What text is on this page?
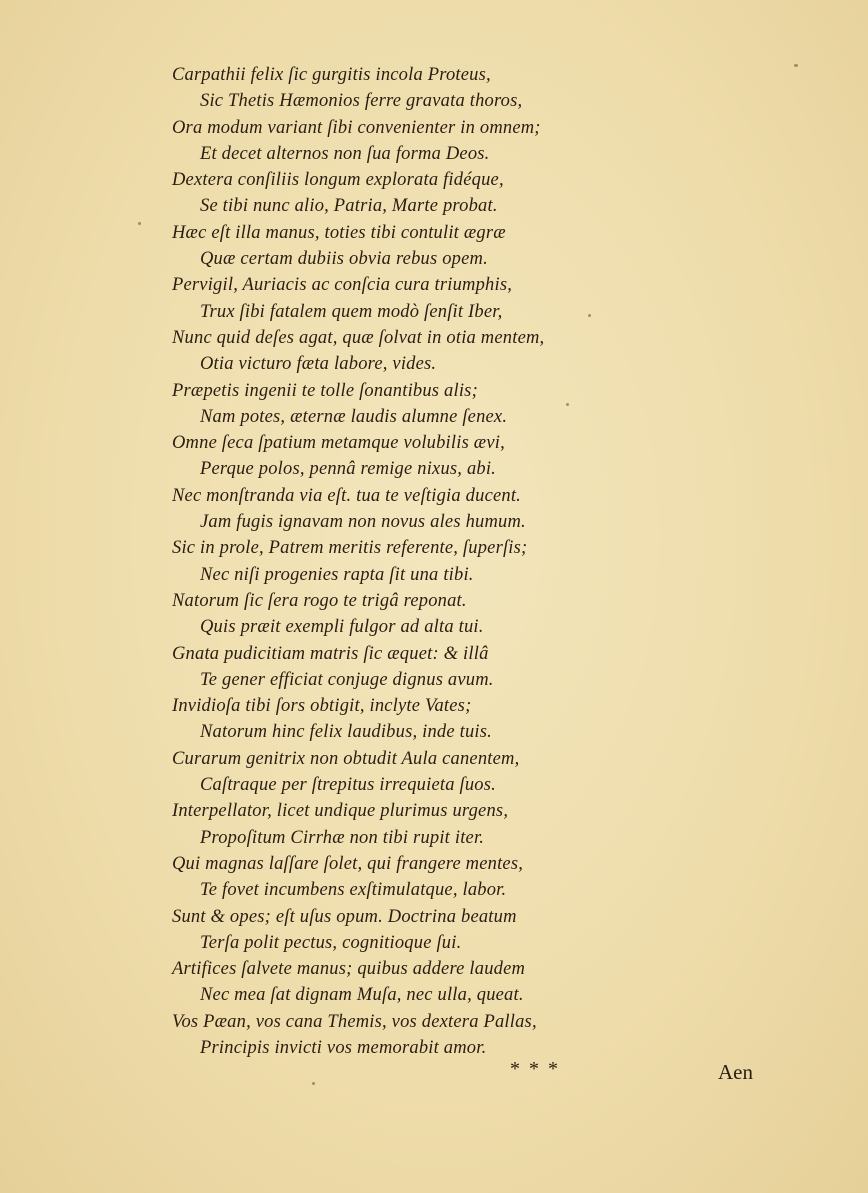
Carpathii felix ſic gurgitis incola Proteus,
Sic Thetis Hæmonios ferre gravata thoros,
Ora modum variant ſibi convenienter in omnem;
Et decet alternos non ſua forma Deos.
Dextera conſiliis longum explorata fidéque,
Se tibi nunc alio, Patria, Marte probat.
Hæc eſt illa manus, toties tibi contulit ægræ
Quæ certam dubiis obvia rebus opem.
Pervigil, Auriacis ac conſcia cura triumphis,
Trux ſibi fatalem quem modò ſenſit Iber,
Nunc quid deſes agat, quæ ſolvat in otia mentem,
Otia victuro fæta labore, vides.
Præpetis ingenii te tolle ſonantibus alis;
Nam potes, æternæ laudis alumne ſenex.
Omne ſeca ſpatium metamque volubilis ævi,
Perque polos, pennâ remige nixus, abi.
Nec monſtranda via eſt. tua te veſtigia ducent.
Jam fugis ignavam non novus ales humum.
Sic in prole, Patrem meritis referente, ſuperſis;
Nec niſi progenies rapta ſit una tibi.
Natorum ſic ſera rogo te trigâ reponat.
Quis præit exempli fulgor ad alta tui.
Gnata pudicitiam matris ſic æquet: & illâ
Te gener efficiat conjuge dignus avum.
Invidioſa tibi ſors obtigit, inclyte Vates;
Natorum hinc felix laudibus, inde tuis.
Curarum genitrix non obtudit Aula canentem,
Caſtraque per ſtrepitus irrequieta ſuos.
Interpellator, licet undique plurimus urgens,
Propoſitum Cirrhæ non tibi rupit iter.
Qui magnas laſſare ſolet, qui frangere mentes,
Te fovet incumbens exſtimulatque, labor.
Sunt & opes; eſt uſus opum. Doctrina beatum
Terſa polit pectus, cognitioque ſui.
Artifices ſalvete manus; quibus addere laudem
Nec mea ſat dignam Muſa, nec ulla, queat.
Vos Pæan, vos cana Themis, vos dextera Pallas,
Principis invicti vos memorabit amor.
* * *	Aen
